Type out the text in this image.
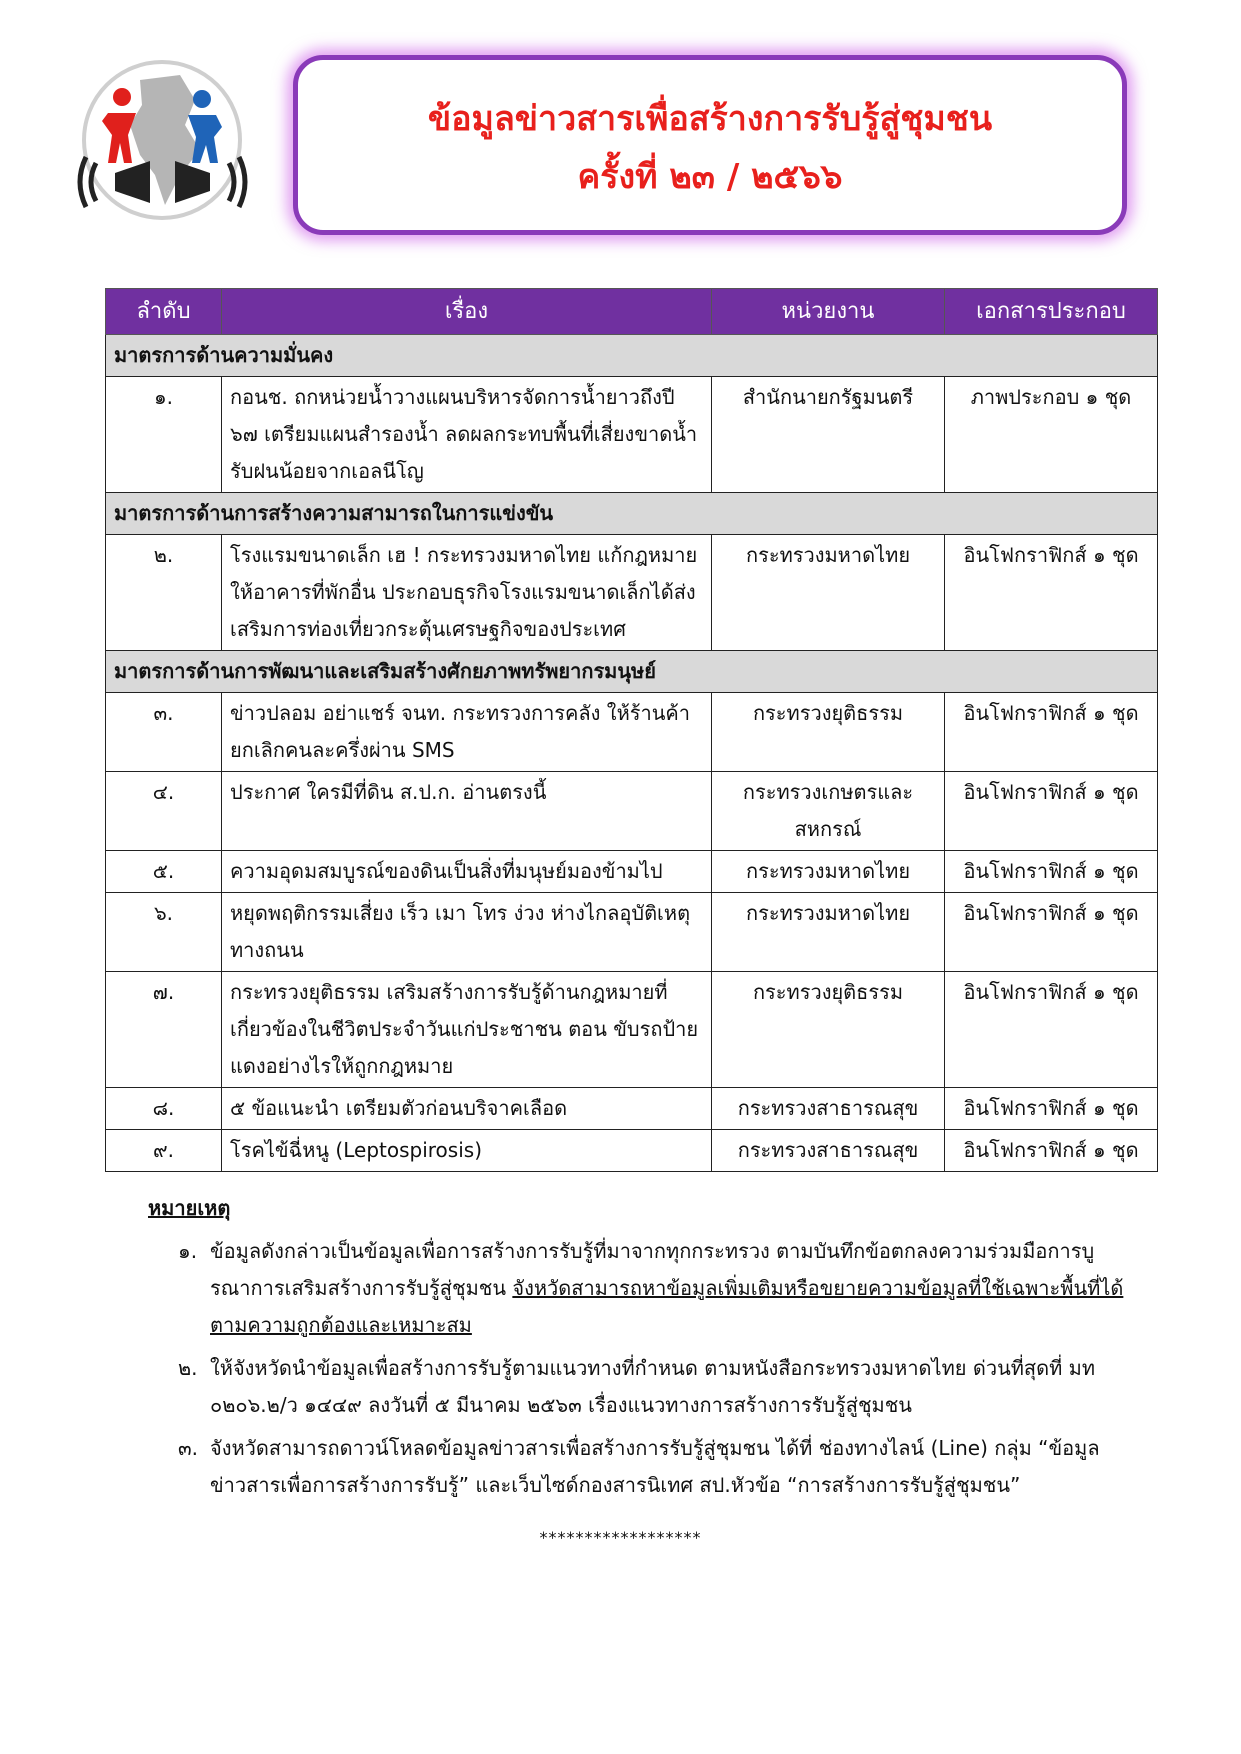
ข้อมูลข่าวสารเพื่อสร้างการรับรู้สู่ชุมชน
ครั้งที่ ๒๓ / ๒๕๖๖
ลำดับ	เรื่อง	หน่วยงาน	เอกสารประกอบ
มาตรการด้านความมั่นคง			
๑.	กอนช. ถกหน่วยน้ำวางแผนบริหารจัดการน้ำยาวถึงปี ๖๗ เตรียมแผนสำรองน้ำ ลดผลกระทบพื้นที่เสี่ยงขาดน้ำรับฝนน้อยจากเอลนีโญ	สำนักนายกรัฐมนตรี	ภาพประกอบ ๑ ชุด
มาตรการด้านการสร้างความสามารถในการแข่งขัน			
๒.	โรงแรมขนาดเล็ก เฮ ! กระทรวงมหาดไทย แก้กฎหมายให้อาคารที่พักอื่น ประกอบธุรกิจโรงแรมขนาดเล็กได้ส่งเสริมการท่องเที่ยวกระตุ้นเศรษฐกิจของประเทศ	กระทรวงมหาดไทย	อินโฟกราฟิกส์ ๑ ชุด
มาตรการด้านการพัฒนาและเสริมสร้างศักยภาพทรัพยากรมนุษย์			
๓.	ข่าวปลอม อย่าแชร์ จนท. กระทรวงการคลัง ให้ร้านค้ายกเลิกคนละครึ่งผ่าน SMS	กระทรวงยุติธรรม	อินโฟกราฟิกส์ ๑ ชุด
๔.	ประกาศ ใครมีที่ดิน ส.ป.ก. อ่านตรงนี้	กระทรวงเกษตรและสหกรณ์	อินโฟกราฟิกส์ ๑ ชุด
๕.	ความอุดมสมบูรณ์ของดินเป็นสิ่งที่มนุษย์มองข้ามไป	กระทรวงมหาดไทย	อินโฟกราฟิกส์ ๑ ชุด
๖.	หยุดพฤติกรรมเสี่ยง เร็ว เมา โทร ง่วง ห่างไกลอุบัติเหตุทางถนน	กระทรวงมหาดไทย	อินโฟกราฟิกส์ ๑ ชุด
๗.	กระทรวงยุติธรรม เสริมสร้างการรับรู้ด้านกฎหมายที่เกี่ยวข้องในชีวิตประจำวันแก่ประชาชน ตอน ขับรถป้ายแดงอย่างไรให้ถูกกฎหมาย	กระทรวงยุติธรรม	อินโฟกราฟิกส์ ๑ ชุด
๘.	๕ ข้อแนะนำ เตรียมตัวก่อนบริจาคเลือด	กระทรวงสาธารณสุข	อินโฟกราฟิกส์ ๑ ชุด
๙.	โรคไข้ฉี่หนู (Leptospirosis)	กระทรวงสาธารณสุข	อินโฟกราฟิกส์ ๑ ชุด
หมายเหตุ
๑. ข้อมูลดังกล่าวเป็นข้อมูลเพื่อการสร้างการรับรู้ที่มาจากทุกกระทรวง ตามบันทึกข้อตกลงความร่วมมือการบูรณาการเสริมสร้างการรับรู้สู่ชุมชน จังหวัดสามารถหาข้อมูลเพิ่มเติมหรือขยายความข้อมูลที่ใช้เฉพาะพื้นที่ได้ตามความถูกต้องและเหมาะสม
๒. ให้จังหวัดนำข้อมูลเพื่อสร้างการรับรู้ตามแนวทางที่กำหนด ตามหนังสือกระทรวงมหาดไทย ด่วนที่สุดที่ มท ๐๒๐๖.๒/ว ๑๔๔๙ ลงวันที่ ๕ มีนาคม ๒๕๖๓ เรื่องแนวทางการสร้างการรับรู้สู่ชุมชน
๓. จังหวัดสามารถดาวน์โหลดข้อมูลข่าวสารเพื่อสร้างการรับรู้สู่ชุมชน ได้ที่ ช่องทางไลน์ (Line) กลุ่ม “ข้อมูลข่าวสารเพื่อการสร้างการรับรู้” และเว็บไซด์กองสารนิเทศ สป.หัวข้อ “การสร้างการรับรู้สู่ชุมชน”
******************
